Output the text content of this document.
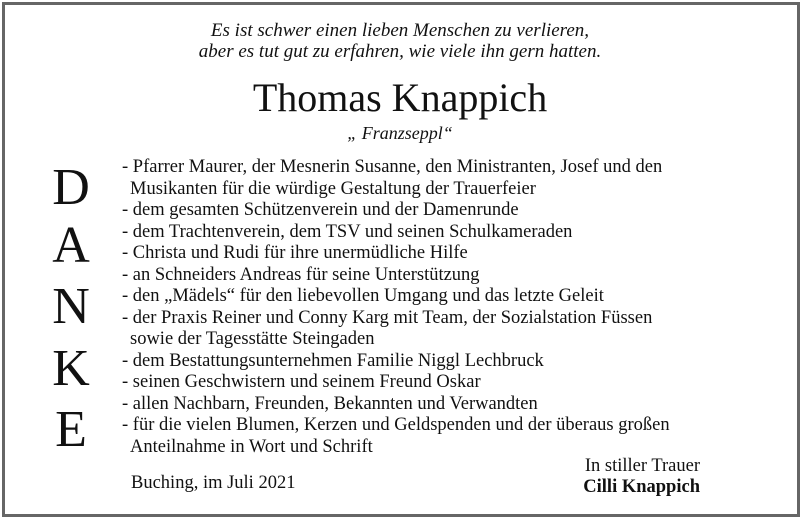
Es ist schwer einen lieben Menschen zu verlieren,
aber es tut gut zu erfahren, wie viele ihn gern hatten.
Thomas Knappich
„ Franzseppl“
D
A
N
K
E
- Pfarrer Maurer, der Mesnerin Susanne, den Ministranten, Josef und den
Musikanten für die würdige Gestaltung der Trauerfeier
- dem gesamten Schützenverein und der Damenrunde
- dem Trachtenverein, dem TSV und seinen Schulkameraden
- Christa und Rudi für ihre unermüdliche Hilfe
- an Schneiders Andreas für seine Unterstützung
- den „Mädels“ für den liebevollen Umgang und das letzte Geleit
- der Praxis Reiner und Conny Karg mit Team, der Sozialstation Füssen
sowie der Tagesstätte Steingaden
- dem Bestattungsunternehmen Familie Niggl Lechbruck
- seinen Geschwistern und seinem Freund Oskar
- allen Nachbarn, Freunden, Bekannten und Verwandten
- für die vielen Blumen, Kerzen und Geldspenden und der überaus großen
Anteilnahme in Wort und Schrift
Buching, im Juli 2021
In stiller Trauer
Cilli Knappich
